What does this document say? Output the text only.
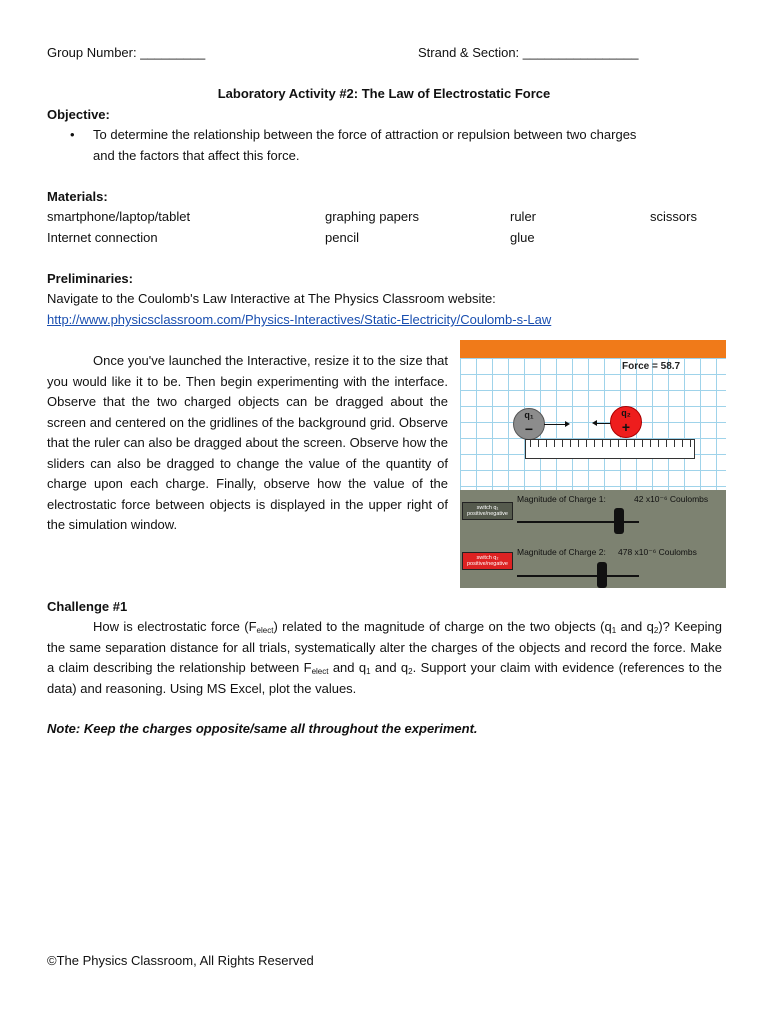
Group Number: _________	Strand & Section: ________________
Laboratory Activity #2: The Law of Electrostatic Force
Objective:
• To determine the relationship between the force of attraction or repulsion between two charges
and the factors that affect this force.
Materials:
smartphone/laptop/tablet	graphing papers	ruler	scissors
Internet connection	pencil	glue
Preliminaries:
Navigate to the Coulomb's Law Interactive at The Physics Classroom website:
http://www.physicsclassroom.com/Physics-Interactives/Static-Electricity/Coulomb-s-Law
Once you've launched the Interactive, resize it to the size that you would like it to be. Then begin experimenting with the interface. Observe that the two charged objects can be dragged about the screen and centered on the gridlines of the background grid. Observe that the ruler can also be dragged about the screen. Observe how the sliders can also be dragged to change the value of the quantity of charge upon each charge. Finally, observe how the value of the electrostatic force between objects is displayed in the upper right of the simulation window.
Force = 58.7
q₁
−
q₂
+
switch q₁ positive/negative
Magnitude of Charge 1:	42 x10⁻⁶ Coulombs
switch q₂ positive/negative
Magnitude of Charge 2: 478 x10⁻⁶ Coulombs
Challenge #1
How is electrostatic force $(F_{elect})$ related to the magnitude of charge on the two objects ($q_1$ and $q_2$)? Keeping the same separation distance for all trials, systematically alter the charges of the objects and record the force. Make a claim describing the relationship between $F_{elect}$ and $q_1$ and $q_2$. Support your claim with evidence (references to the data) and reasoning. Using MS Excel, plot the values.
Note: Keep the charges opposite/same all throughout the experiment.
©The Physics Classroom, All Rights Reserved
